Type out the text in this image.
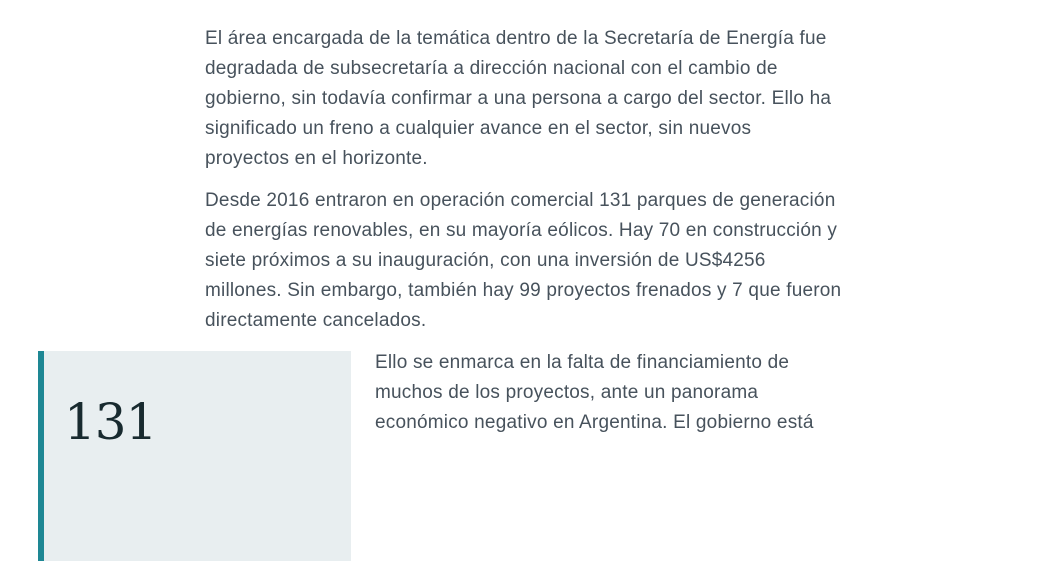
El área encargada de la temática dentro de la Secretaría de Energía fue
degradada de subsecretaría a dirección nacional con el cambio de
gobierno, sin todavía confirmar a una persona a cargo del sector. Ello ha
significado un freno a cualquier avance en el sector, sin nuevos
proyectos en el horizonte.

Desde 2016 entraron en operación comercial 131 parques de generación
de energías renovables, en su mayoría eólicos. Hay 70 en construcción y
siete próximos a su inauguración, con una inversión de US$4256
millones. Sin embargo, también hay 99 proyectos frenados y 7 que fueron
directamente cancelados.

131

Ello se enmarca en la falta de financiamiento de
muchos de los proyectos, ante un panorama
económico negativo en Argentina. El gobierno está
